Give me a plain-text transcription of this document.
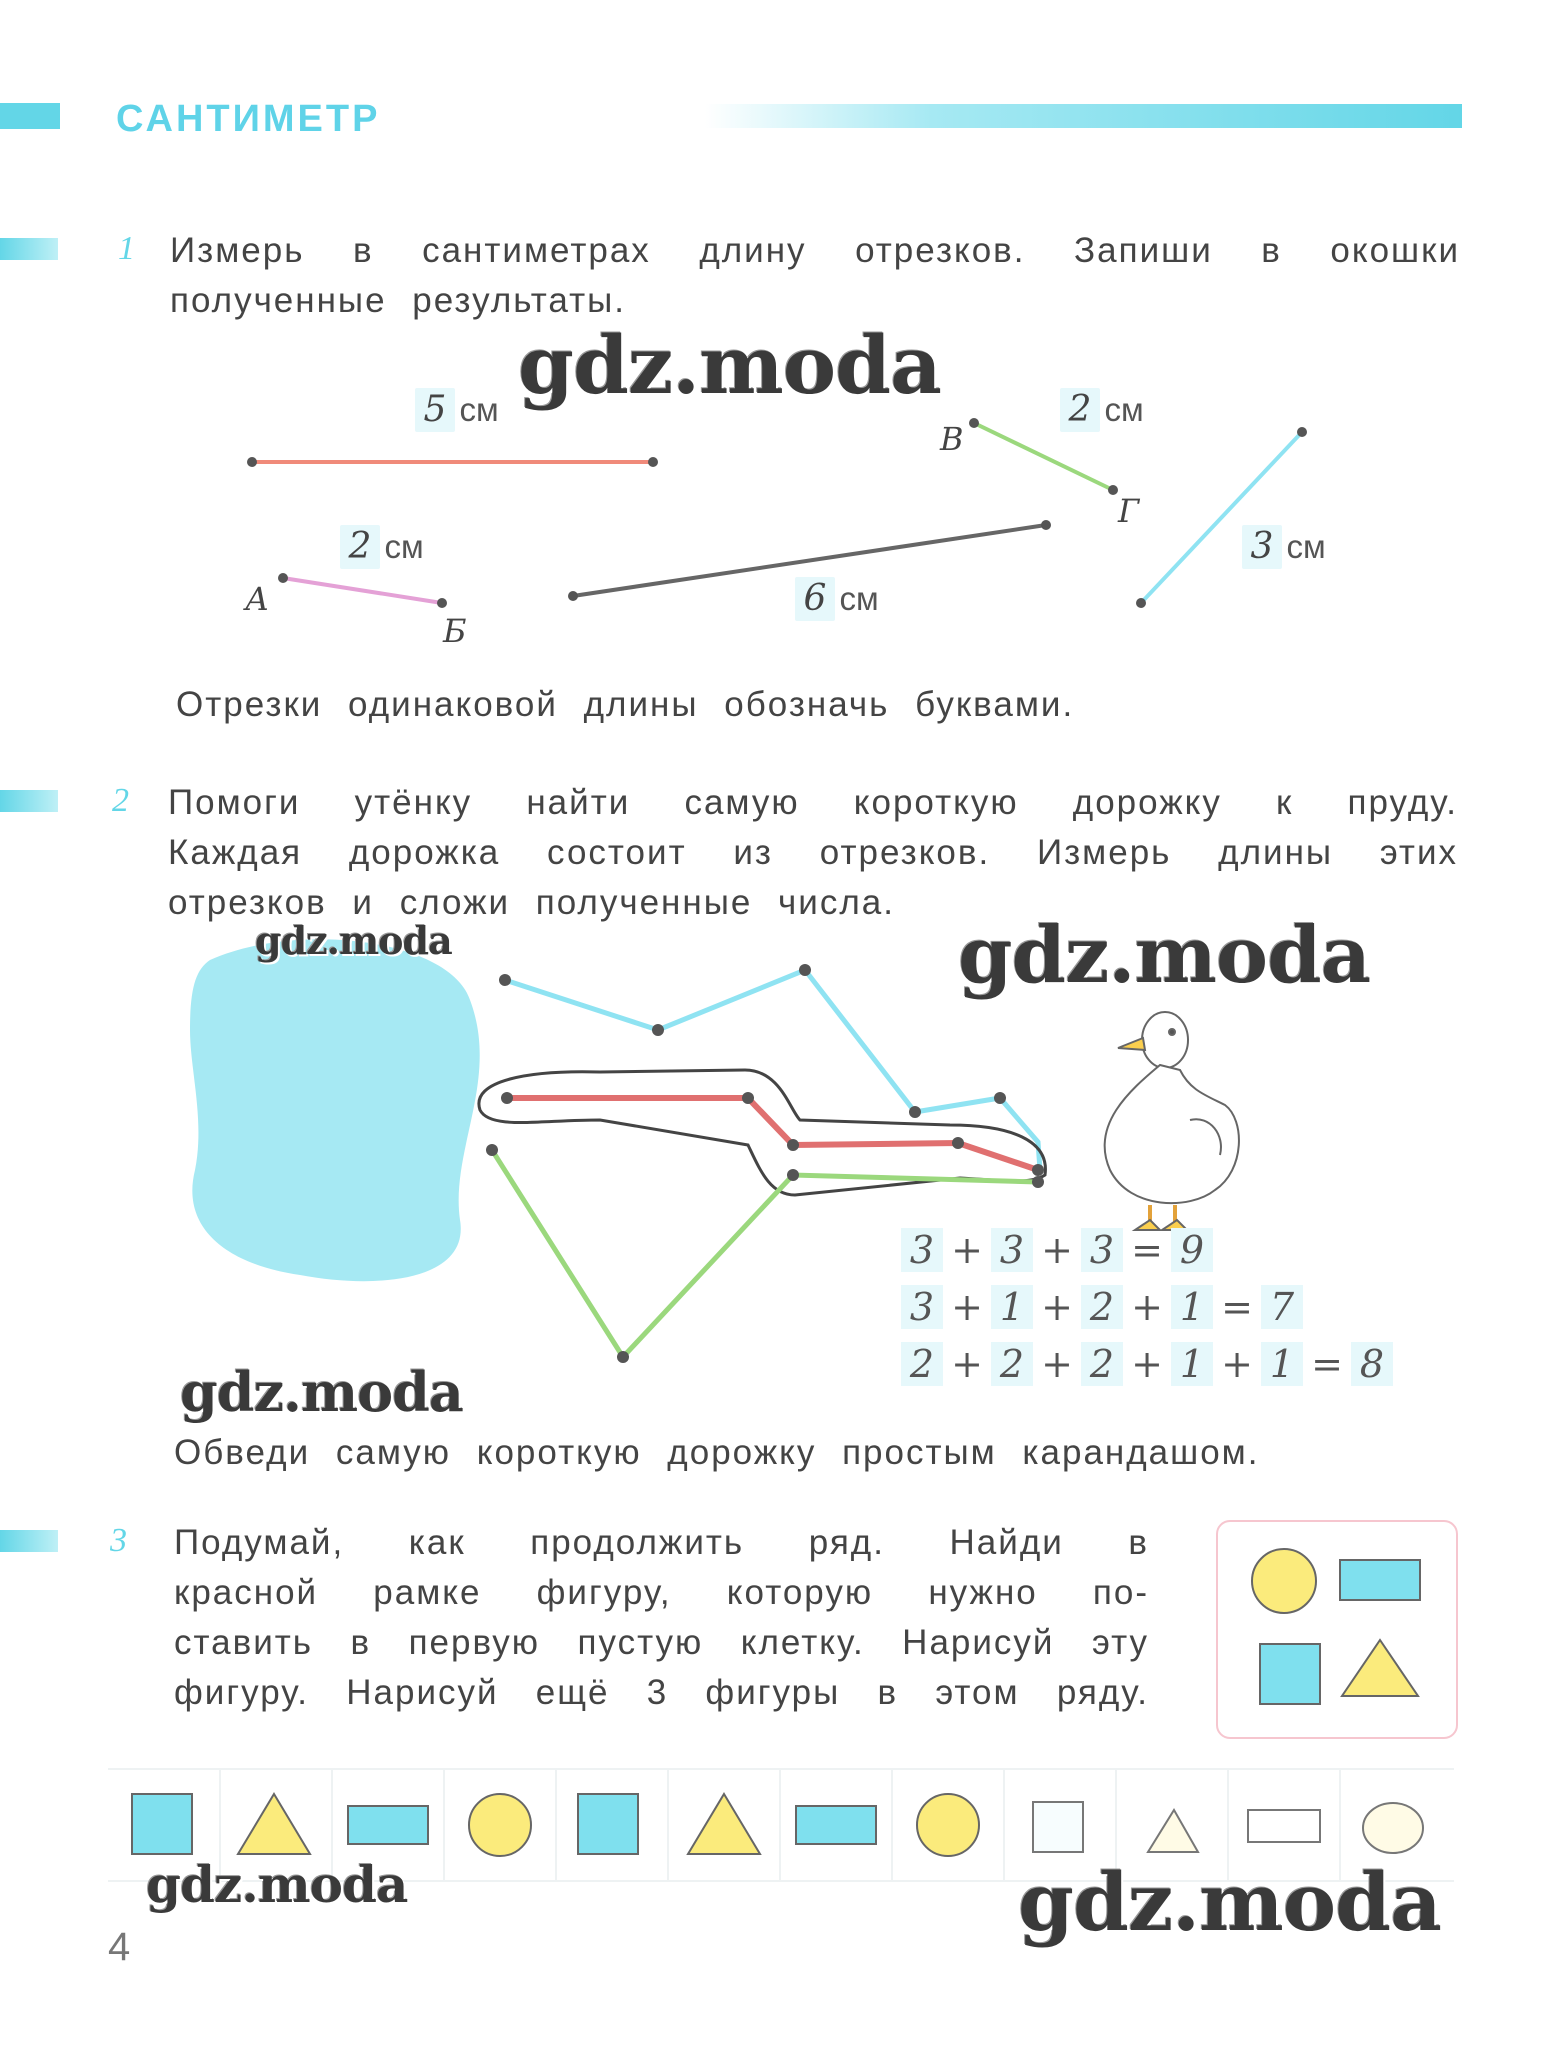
САНТИМЕТР
1 Измерь в сантиметрах длину отрезков. Запиши в окошки
полученные результаты.
5 см	2 см
2 см
6 см
3 см
В
Г
А
Б
Отрезки одинаковой длины обозначь буквами.
2 Помоги утёнку найти самую короткую дорожку к пруду.
Каждая дорожка состоит из отрезков. Измерь длины этих
отрезков и сложи полученные числа.
3 + 3 + 3 = 9
3 + 1 + 2 + 1 = 7
2 + 2 + 2 + 1 + 1 = 8
Обведи самую короткую дорожку простым карандашом.
3 Подумай, как продолжить ряд. Найди в
красной рамке фигуру, которую нужно по-
ставить в первую пустую клетку. Нарисуй эту
фигуру. Нарисуй ещё 3 фигуры в этом ряду.
gdz.moda
gdz.moda	gdz.moda
gdz.moda
gdz.moda	gdz.moda
4
